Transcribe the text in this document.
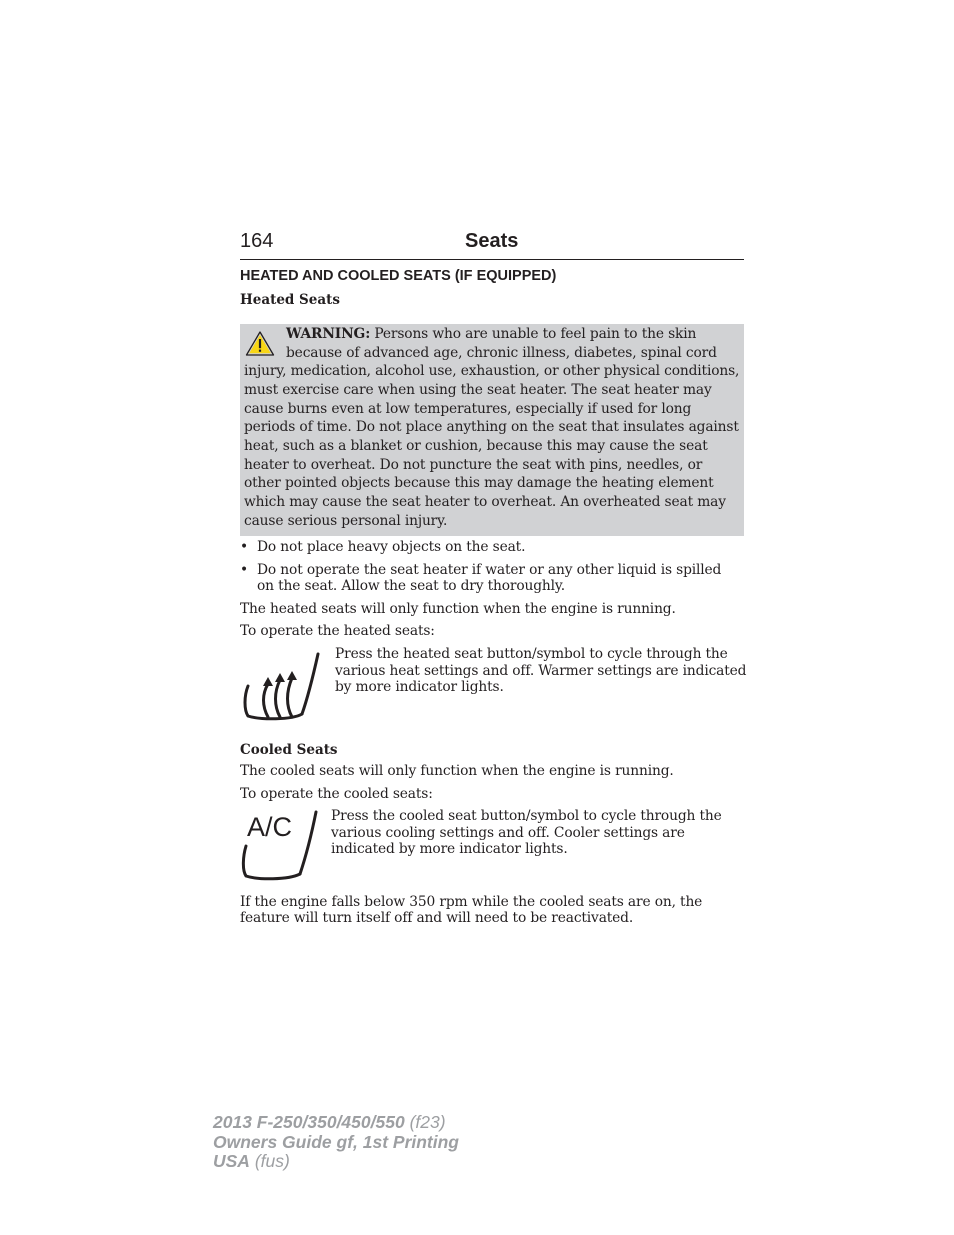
164	Seats
HEATED AND COOLED SEATS (IF EQUIPPED)
Heated Seats
WARNING: Persons who are unable to feel pain to the skin
because of advanced age, chronic illness, diabetes, spinal cord
injury, medication, alcohol use, exhaustion, or other physical conditions,
must exercise care when using the seat heater. The seat heater may
cause burns even at low temperatures, especially if used for long
periods of time. Do not place anything on the seat that insulates against
heat, such as a blanket or cushion, because this may cause the seat
heater to overheat. Do not puncture the seat with pins, needles, or
other pointed objects because this may damage the heating element
which may cause the seat heater to overheat. An overheated seat may
cause serious personal injury.
• Do not place heavy objects on the seat.
• Do not operate the seat heater if water or any other liquid is spilled
on the seat. Allow the seat to dry thoroughly.
The heated seats will only function when the engine is running.
To operate the heated seats:
Press the heated seat button/symbol to cycle through the
various heat settings and off. Warmer settings are indicated
by more indicator lights.
Cooled Seats
The cooled seats will only function when the engine is running.
To operate the cooled seats:
A/C	Press the cooled seat button/symbol to cycle through the
various cooling settings and off. Cooler settings are
indicated by more indicator lights.
If the engine falls below 350 rpm while the cooled seats are on, the
feature will turn itself off and will need to be reactivated.
2013 F-250/350/450/550 (f23)
Owners Guide gf, 1st Printing
USA (fus)
